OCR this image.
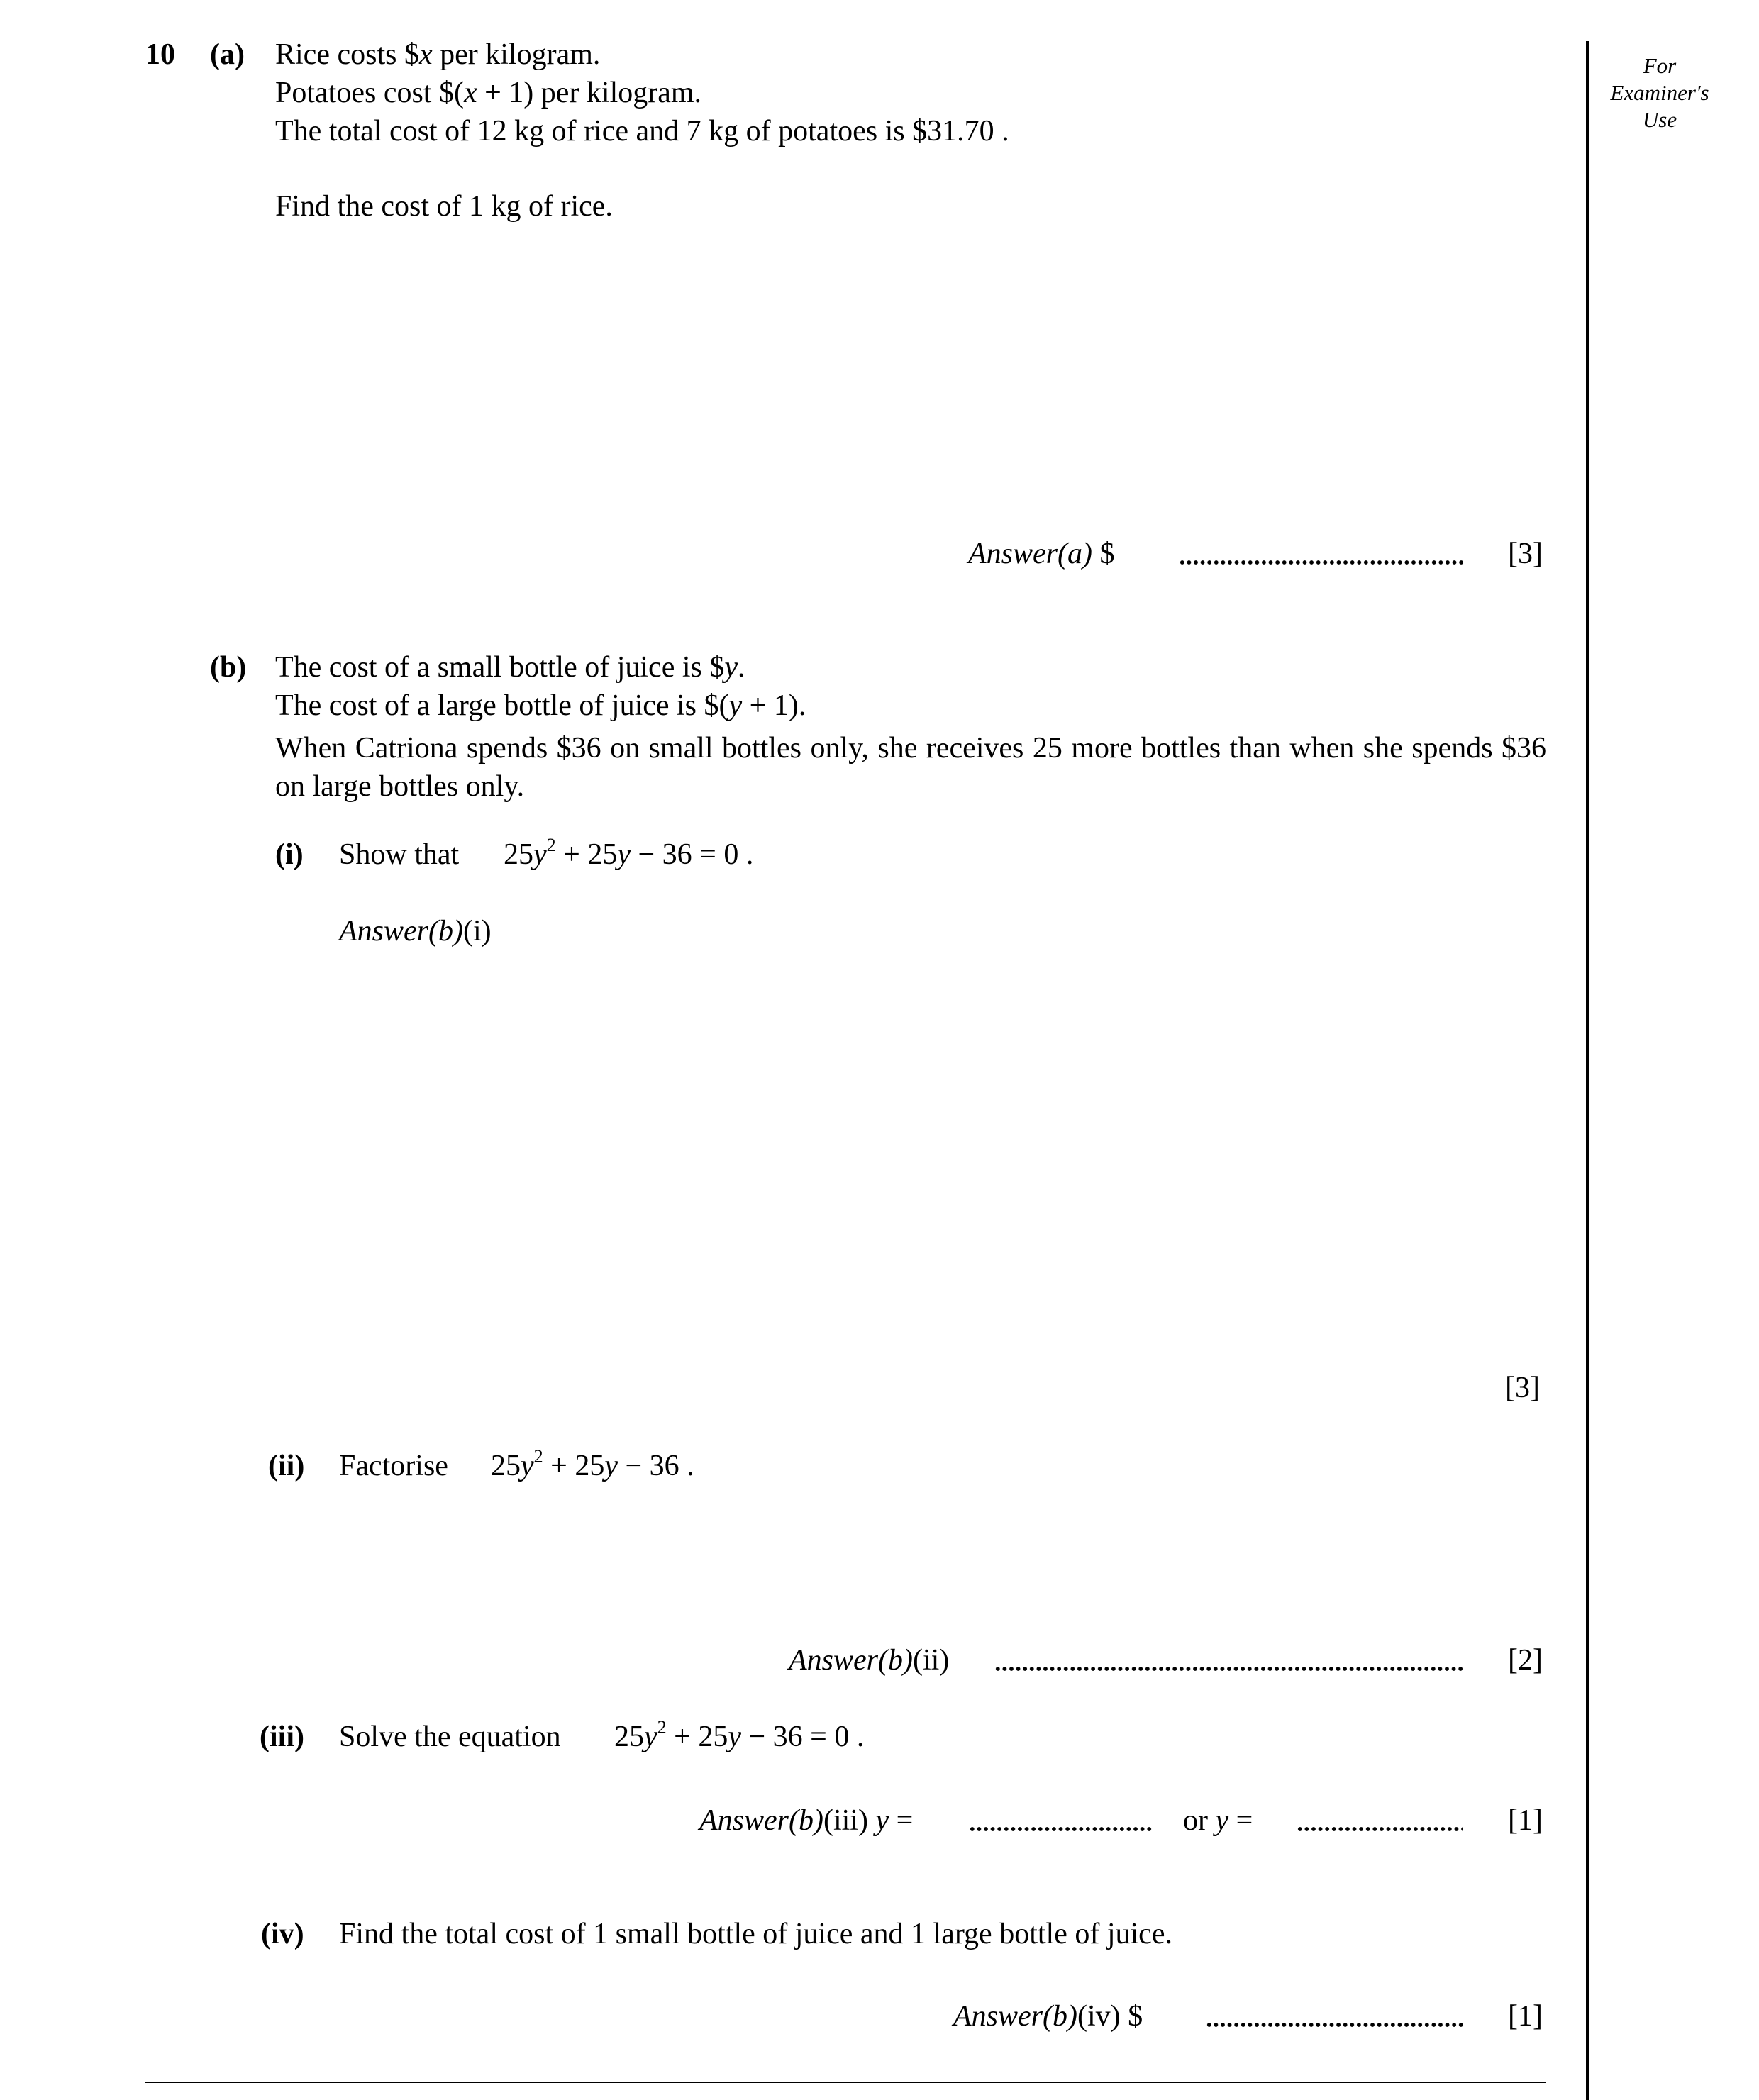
For
Examiner's
Use
10 (a) Rice costs $x per kilogram.
Potatoes cost $(x + 1) per kilogram.
The total cost of 12 kg of rice and 7 kg of potatoes is $31.70 .
Find the cost of 1 kg of rice.
Answer(a) $	[3]
(b) The cost of a small bottle of juice is $y.
The cost of a large bottle of juice is $(y + 1).
When Catriona spends $36 on small bottles only, she receives 25 more bottles than when she spends $36 on large bottles only.
(i) Show that $25y^2 + 25y - 36 = 0$ .
Answer(b)(i)
[3]
(ii) Factorise $25y^2 + 25y - 36$ .
Answer(b)(ii)	[2]
(iii) Solve the equation $25y^2 + 25y - 36 = 0$ .
Answer(b)(iii) y =	or y =	[1]
(iv) Find the total cost of 1 small bottle of juice and 1 large bottle of juice.
Answer(b)(iv) $	[1]
